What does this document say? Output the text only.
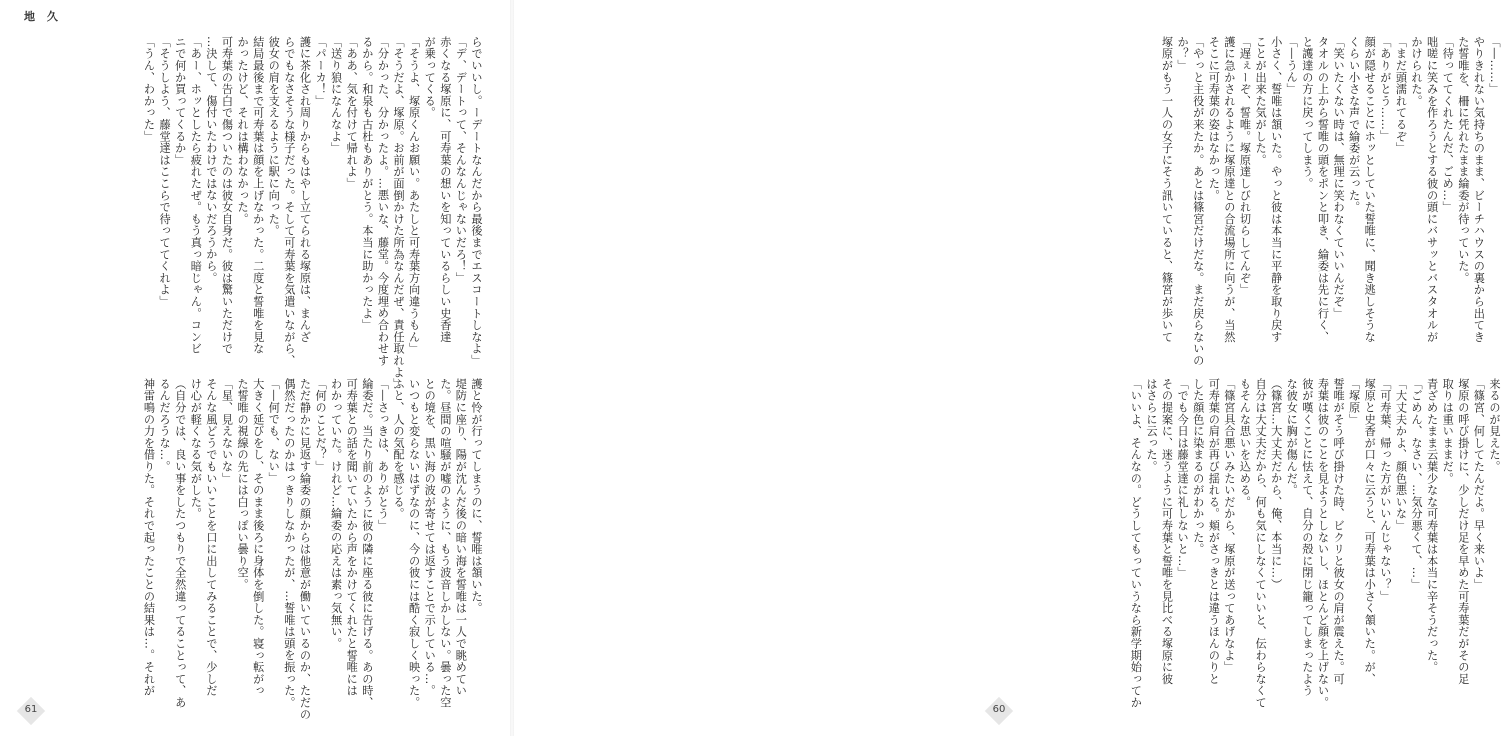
地 久

らでいいし。ーデートなんだから最後までエスコートしなよ」

「デ、デートって、そんなんじゃないだろ！」

赤くなる塚原に、可寿葉の想いを知っているらしい史香達

が乗ってくる。

「そうよ、塚原くんお願い。あたしと可寿葉方向違うもん」

「そうだよ、塚原。お前が面倒かけた所為なんだぜ、責任取れよ」

「分かった、分かったよ。…悪いな、藤堂。今度埋め合わせす

るから。和泉も古杜もありがとう。本当に助かったよ」

「ああ、気を付けて帰れよ」

「送り狼になんなよ」

「パーカ！」

護に茶化され周りからもはやし立てられる塚原は、まんざ

らでもなさそうな様子だった。そして可寿葉を気遣いながら、

彼女の肩を支えるように駅に向った。

結局最後まで可寿葉は顔を上げなかった。二度と誓唯を見な

かったけど、それは構わなかった。

可寿葉の告白で傷ついたのは彼女自身だ。彼は驚いただけで

…決して、傷付いたわけではないだろうから。

「あー、ホッとしたら疲れたぜ。もう真っ暗じゃん。コンビ

ニで何か買ってくるか」

「そうしよう、藤堂達はここらで待っててくれよ」

「うん、わかった」

護と怜が行ってしまうのに、誓唯は頷いた。

堤防に座り、陽が沈んだ後の暗い海を誓唯は一人で眺めてい

た。昼間の喧騒が嘘のように、もう波音しかしない。曇った空

との境を、黒い海の波が寄せては返すことで示している…。

いつもと変らないはずなのに、今の彼には酷く寂しく映った。

ふと、人の気配を感じる。

「―さっきは、ありがとう」

綸委だ。当たり前のように彼の隣に座る彼に告げる。あの時、

可寿葉との話を聞いていたから声をかけてくれたと誓唯には

わかっていた。けれど…綸委の応えは素っ気無い。

「何のことだ？」

ただ静かに見返す綸委の顔からは他意が働いているのか、ただの

偶然だったのかはっきりしなかったが、…誓唯は頭を振った。

「―何でも、ない」

大きく延びをし、そのまま後ろに身体を倒した。寝っ転がっ

た誓唯の視線の先には白っぽい曇り空。

「星、見えないな」

そんな風どうでもいいことを口に出してみることで、少しだ

け心が軽くなる気がした。

（自分では、良い事をしたつもりで全然違ってることって、あ

るんだろうな…。

神雷鳴の力を借りた。それで起ったことの結果は…。それが

61

「―……」

やりきれない気持ちのまま、ビーチハウスの裏から出てき

た誓唯を、柵に凭れたまま綸委が待っていた。

「待っててくれたんだ、ごめ…」

咄嗟に笑みを作ろうとする彼の頭にバサッとバスタオルが

かけられた。

「まだ頭濡れてるぞ」

「ありがとう……」

顔が隠せることにホッとしていた誓唯に、聞き逃しそうな

くらい小さな声で綸委が云った。

「笑いたくない時は、無理に笑わなくていいんだぞ」

タオルの上から誓唯の頭をポンと叩き、綸委は先に行く、

と護達の方に戻ってしまう。

「―うん」

小さく、誓唯は頷いた。やっと彼は本当に平静を取り戻す

ことが出来た気がした。

「遅ぇーぞ、誓唯。塚原達しびれ切らしてんぞ」

護に急かされるように塚原達との合流場所に向うが、当然

そこに可寿葉の姿はなかった。

「やっと主役が来たか。あとは篠宮だけだな。まだ戻らないの

か？」

塚原がもう一人の女子にそう訊いていると、篠宮が歩いて

来るのが見えた。

「篠宮、何してたんだよ。早く来いよ」

塚原の呼び掛けに、少しだけ足を早めた可寿葉だがその足

取りは重いままだ。

青ざめたまま云葉少なな可寿葉は本当に辛そうだった。

「ごめん、なさい、…気分悪くて、…」

「大丈夫かよ、顔色悪いな」

「可寿葉、帰った方がいいんじゃない？」

塚原と史香が口々に云うと、可寿葉は小さく頷いた。が、

「塚原」

誓唯がそう呼び掛けた時、ビクリと彼女の肩が震えた。可

寿葉は彼のことを見ようとしないし、ほとんど顔を上げない。

彼が嘆くことに怯えて、自分の殻に閉じ籠ってしまったよう

な彼女に胸が傷んだ。

（篠宮…大丈夫だから、俺、本当に…）

自分は大丈夫だから、何も気にしなくていいと、伝わらなくて

もそんな思いを込める。

「篠宮具合悪いみたいだから、塚原が送ってあげなよ」

可寿葉の肩が再び揺れる。頬がさっきとは違うほんのりと

した顔色に染まるのがわかった。

「でも今日は藤堂達に礼しないと…」

その提案に、迷うように可寿葉と誓唯を見比べる塚原に彼

はさらに云った。

「いいよ、そんなの。どうしてもっていうなら新学期始ってか

60
